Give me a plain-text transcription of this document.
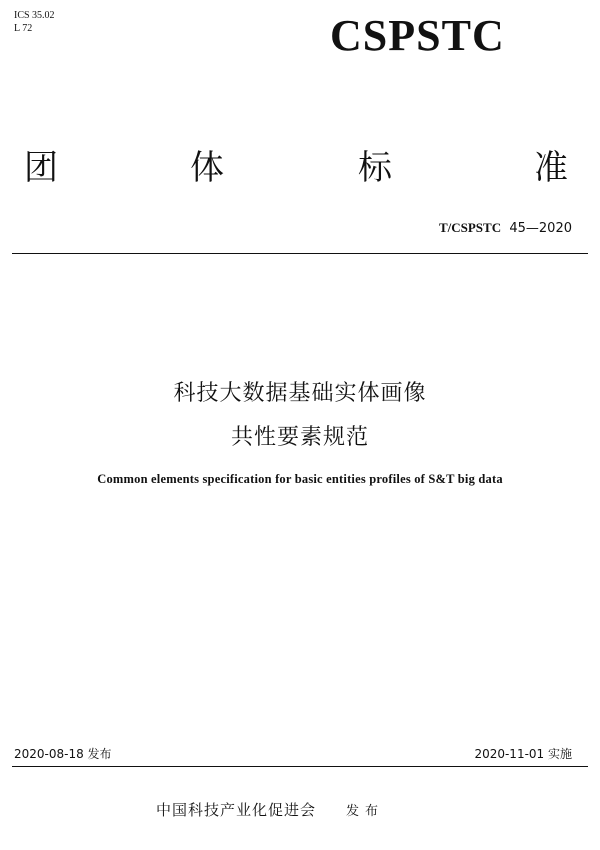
ICS 35.02
L 72	CSPSTC
团	体	标	准
T/CSPSTC 45—2020
科技大数据基础实体画像
共性要素规范
Common elements specification for basic entities profiles of S&T big data
2020-08-18 发布	2020-11-01 实施
中国科技产业化促进会 发布
